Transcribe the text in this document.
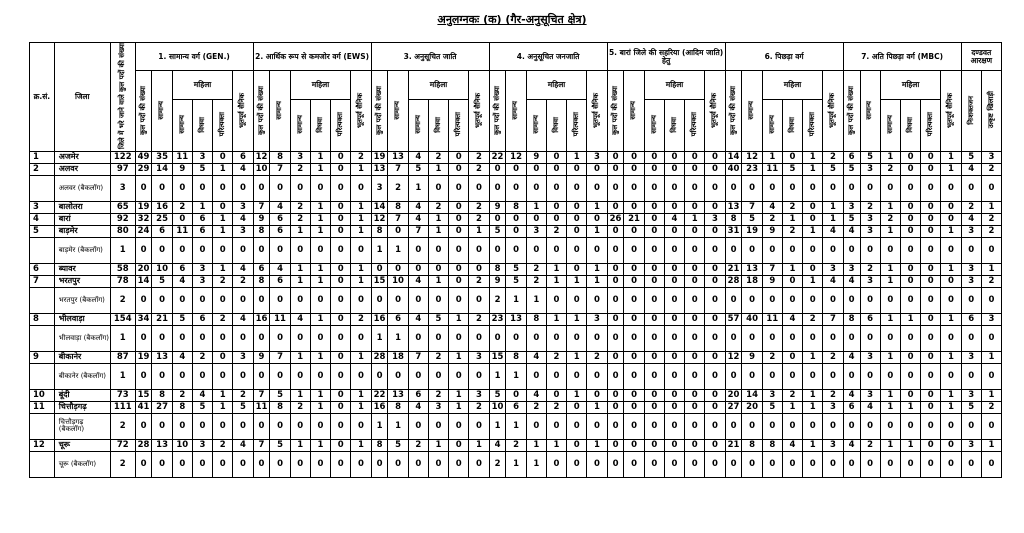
अनुलग्नकः (क) (गैर-अनुसूचित क्षेत्र)
क्र.सं.	जिला	जिले में भरे जाने वाले कुल पदों की संख्या	1. सामान्य वर्ग (GEN.)						2. आर्थिक रूप से कमजोर वर्ग (EWS)						3. अनुसूचित जाति						4. अनुसूचित जनजाति						5. बारां जिले की सहरिया (आदिम जाति) हेतु						6. पिछड़ा वर्ग						7. अति पिछड़ा वर्ग (MBC)						दण्डवत आरक्षण	
			कुल पदों की संख्या	सामान्य	महिला			भूतपूर्व सैनिक	कुल पदों की संख्या	सामान्य	महिला			भूतपूर्व सैनिक	कुल पदों की संख्या	सामान्य	महिला			भूतपूर्व सैनिक	कुल पदों की संख्या	सामान्य	महिला			भूतपूर्व सैनिक	कुल पदों की संख्या	सामान्य	महिला			भूतपूर्व सैनिक	कुल पदों की संख्या	सामान्य	महिला			भूतपूर्व सैनिक	कुल पदों की संख्या	सामान्य	महिला			भूतपूर्व सैनिक	निःशक्तजन	उत्कृष्ट खिलाड़ी
					सामान्य	विधवा	परित्यक्ता				सामान्य	विधवा	परित्यक्ता				सामान्य	विधवा	परित्यक्ता				सामान्य	विधवा	परित्यक्ता				सामान्य	विधवा	परित्यक्ता				सामान्य	विधवा	परित्यक्ता				सामान्य	विधवा	परित्यक्ता			
1	अजमेर	122	49	35	11	3	0	6	12	8	3	1	0	2	19	13	4	2	0	2	22	12	9	0	1	3	0	0	0	0	0	0	14	12	1	0	1	2	6	5	1	0	0	1	5	3
2	अलवर	97	29	14	9	5	1	4	10	7	2	1	0	1	13	7	5	1	0	2	0	0	0	0	0	0	0	0	0	0	0	0	40	23	11	5	1	5	5	3	2	0	0	1	4	2
	अलवर (बैकलॉग)	3	0	0	0	0	0	0	0	0	0	0	0	0	3	2	1	0	0	0	0	0	0	0	0	0	0	0	0	0	0	0	0	0	0	0	0	0	0	0	0	0	0	0	0	0
3	बालोतरा	65	19	16	2	1	0	3	7	4	2	1	0	1	14	8	4	2	0	2	9	8	1	0	0	1	0	0	0	0	0	0	13	7	4	2	0	1	3	2	1	0	0	0	2	1
4	बारां	92	32	25	0	6	1	4	9	6	2	1	0	1	12	7	4	1	0	2	0	0	0	0	0	0	26	21	0	4	1	3	8	5	2	1	0	1	5	3	2	0	0	0	4	2
5	बाड़मेर	80	24	6	11	6	1	3	8	6	1	1	0	1	8	0	7	1	0	1	5	0	3	2	0	1	0	0	0	0	0	0	31	19	9	2	1	4	4	3	1	0	0	1	3	2
	बाड़मेर (बैकलॉग)	1	0	0	0	0	0	0	0	0	0	0	0	0	1	1	0	0	0	0	0	0	0	0	0	0	0	0	0	0	0	0	0	0	0	0	0	0	0	0	0	0	0	0	0	0
6	ब्यावर	58	20	10	6	3	1	4	6	4	1	1	0	1	0	0	0	0	0	0	8	5	2	1	0	1	0	0	0	0	0	0	21	13	7	1	0	3	3	2	1	0	0	1	3	1
7	भरतपुर	78	14	5	4	3	2	2	8	6	1	1	0	1	15	10	4	1	0	2	9	5	2	1	1	1	0	0	0	0	0	0	28	18	9	0	1	4	4	3	1	0	0	0	3	2
	भरतपुर (बैकलॉग)	2	0	0	0	0	0	0	0	0	0	0	0	0	0	0	0	0	0	0	2	1	1	0	0	0	0	0	0	0	0	0	0	0	0	0	0	0	0	0	0	0	0	0	0	0
8	भीलवाड़ा	154	34	21	5	6	2	4	16	11	4	1	0	2	16	6	4	5	1	2	23	13	8	1	1	3	0	0	0	0	0	0	57	40	11	4	2	7	8	6	1	1	0	1	6	3
	भीलवाड़ा (बैकलॉग)	1	0	0	0	0	0	0	0	0	0	0	0	0	1	1	0	0	0	0	0	0	0	0	0	0	0	0	0	0	0	0	0	0	0	0	0	0	0	0	0	0	0	0	0	0
9	बीकानेर	87	19	13	4	2	0	3	9	7	1	1	0	1	28	18	7	2	1	3	15	8	4	2	1	2	0	0	0	0	0	0	12	9	2	0	1	2	4	3	1	0	0	1	3	1
	बीकानेर (बैकलॉग)	1	0	0	0	0	0	0	0	0	0	0	0	0	0	0	0	0	0	0	1	1	0	0	0	0	0	0	0	0	0	0	0	0	0	0	0	0	0	0	0	0	0	0	0	0
10	बूंदी	73	15	8	2	4	1	2	7	5	1	1	0	1	22	13	6	2	1	3	5	0	4	0	1	0	0	0	0	0	0	0	20	14	3	2	1	2	4	3	1	0	0	1	3	1
11	चित्तौड़गढ़	111	41	27	8	5	1	5	11	8	2	1	0	1	16	8	4	3	1	2	10	6	2	2	0	1	0	0	0	0	0	0	27	20	5	1	1	3	6	4	1	1	0	1	5	2
	चित्तौड़गढ़ (बैकलॉग)	2	0	0	0	0	0	0	0	0	0	0	0	0	1	1	0	0	0	0	1	1	0	0	0	0	0	0	0	0	0	0	0	0	0	0	0	0	0	0	0	0	0	0	0	0
12	चूरू	72	28	13	10	3	2	4	7	5	1	1	0	1	8	5	2	1	0	1	4	2	1	1	0	1	0	0	0	0	0	0	21	8	8	4	1	3	4	2	1	1	0	0	3	1
	चूरू (बैकलॉग)	2	0	0	0	0	0	0	0	0	0	0	0	0	0	0	0	0	0	0	2	1	1	0	0	0	0	0	0	0	0	0	0	0	0	0	0	0	0	0	0	0	0	0	0	0
